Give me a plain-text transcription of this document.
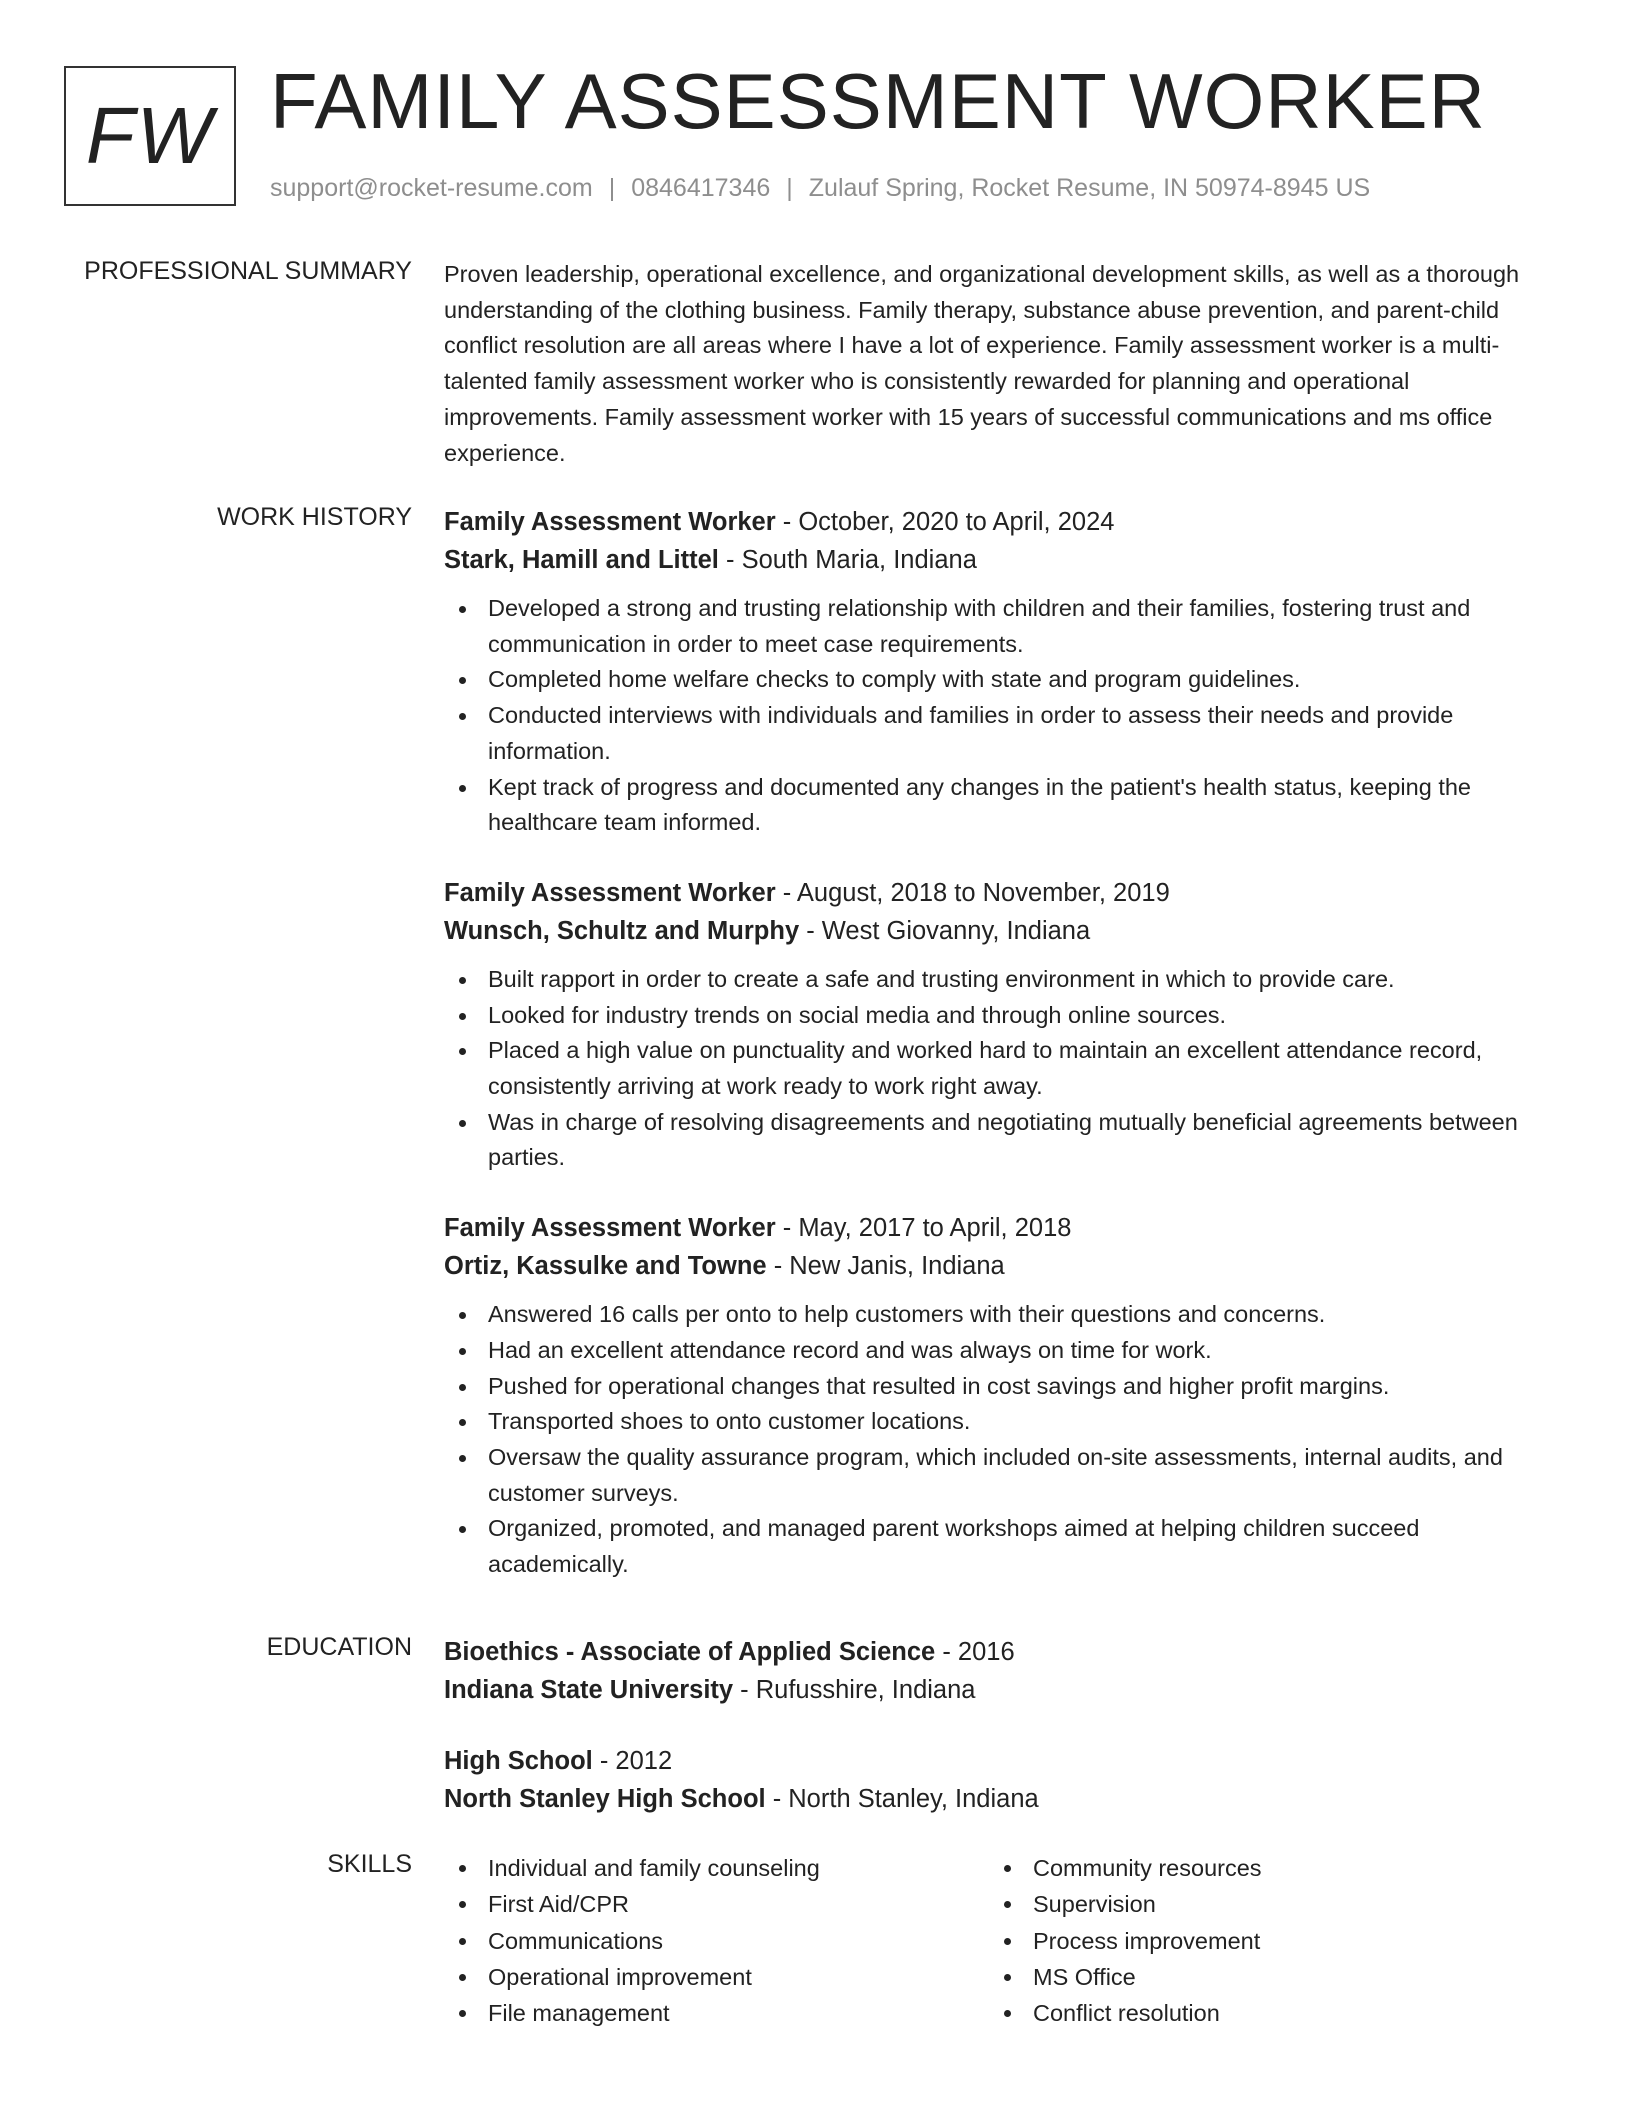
FW FAMILY ASSESSMENT WORKER
support@rocket-resume.com | 0846417346 | Zulauf Spring, Rocket Resume, IN 50974-8945 US
PROFESSIONAL SUMMARY Proven leadership, operational excellence, and organizational development skills, as well as a thorough understanding of the clothing business. Family therapy, substance abuse prevention, and parent-child conflict resolution are all areas where I have a lot of experience. Family assessment worker is a multi-talented family assessment worker who is consistently rewarded for planning and operational improvements. Family assessment worker with 15 years of successful communications and ms office experience.

WORK HISTORY Family Assessment Worker - October, 2020 to April, 2024
Stark, Hamill and Littel - South Maria, Indiana
Developed a strong and trusting relationship with children and their families, fostering trust and communication in order to meet case requirements.
Completed home welfare checks to comply with state and program guidelines.
Conducted interviews with individuals and families in order to assess their needs and provide information.
Kept track of progress and documented any changes in the patient's health status, keeping the healthcare team informed.
Family Assessment Worker - August, 2018 to November, 2019
Wunsch, Schultz and Murphy - West Giovanny, Indiana
Built rapport in order to create a safe and trusting environment in which to provide care.
Looked for industry trends on social media and through online sources.
Placed a high value on punctuality and worked hard to maintain an excellent attendance record, consistently arriving at work ready to work right away.
Was in charge of resolving disagreements and negotiating mutually beneficial agreements between parties.
Family Assessment Worker - May, 2017 to April, 2018
Ortiz, Kassulke and Towne - New Janis, Indiana
Answered 16 calls per onto to help customers with their questions and concerns.
Had an excellent attendance record and was always on time for work.
Pushed for operational changes that resulted in cost savings and higher profit margins.
Transported shoes to onto customer locations.
Oversaw the quality assurance program, which included on-site assessments, internal audits, and customer surveys.
Organized, promoted, and managed parent workshops aimed at helping children succeed academically.
EDUCATION Bioethics - Associate of Applied Science - 2016
Indiana State University - Rufusshire, Indiana
High School - 2012
North Stanley High School - North Stanley, Indiana
SKILLS	Individual and family counseling
First Aid/CPR
Communications
Operational improvement
File management
Community resources
Supervision
Process improvement
MS Office
Conflict resolution
